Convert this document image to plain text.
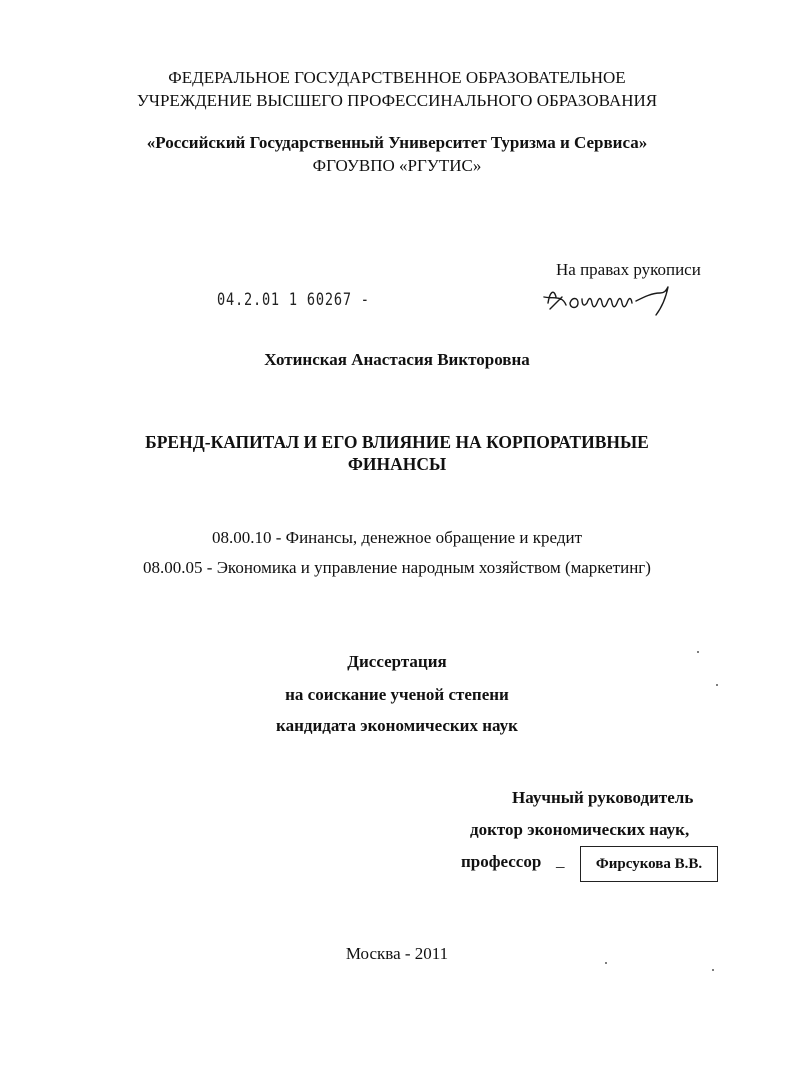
ФЕДЕРАЛЬНОЕ ГОСУДАРСТВЕННОЕ ОБРАЗОВАТЕЛЬНОЕ
УЧРЕЖДЕНИЕ ВЫСШЕГО ПРОФЕССИНАЛЬНОГО ОБРАЗОВАНИЯ
«Российский Государственный Университет Туризма и Сервиса»
ФГОУВПО «РГУТИС»
На правах рукописи
04.2.01 1 60267 -
Хотинская Анастасия Викторовна
БРЕНД-КАПИТАЛ И ЕГО ВЛИЯНИЕ НА КОРПОРАТИВНЫЕ
ФИНАНСЫ
08.00.10 - Финансы, денежное обращение и кредит
08.00.05 - Экономика и управление народным хозяйством (маркетинг)
Диссертация
на соискание ученой степени
кандидата экономических наук
Научный руководитель
доктор экономических наук,
профессор _ Фирсукова В.В.
Москва - 2011
